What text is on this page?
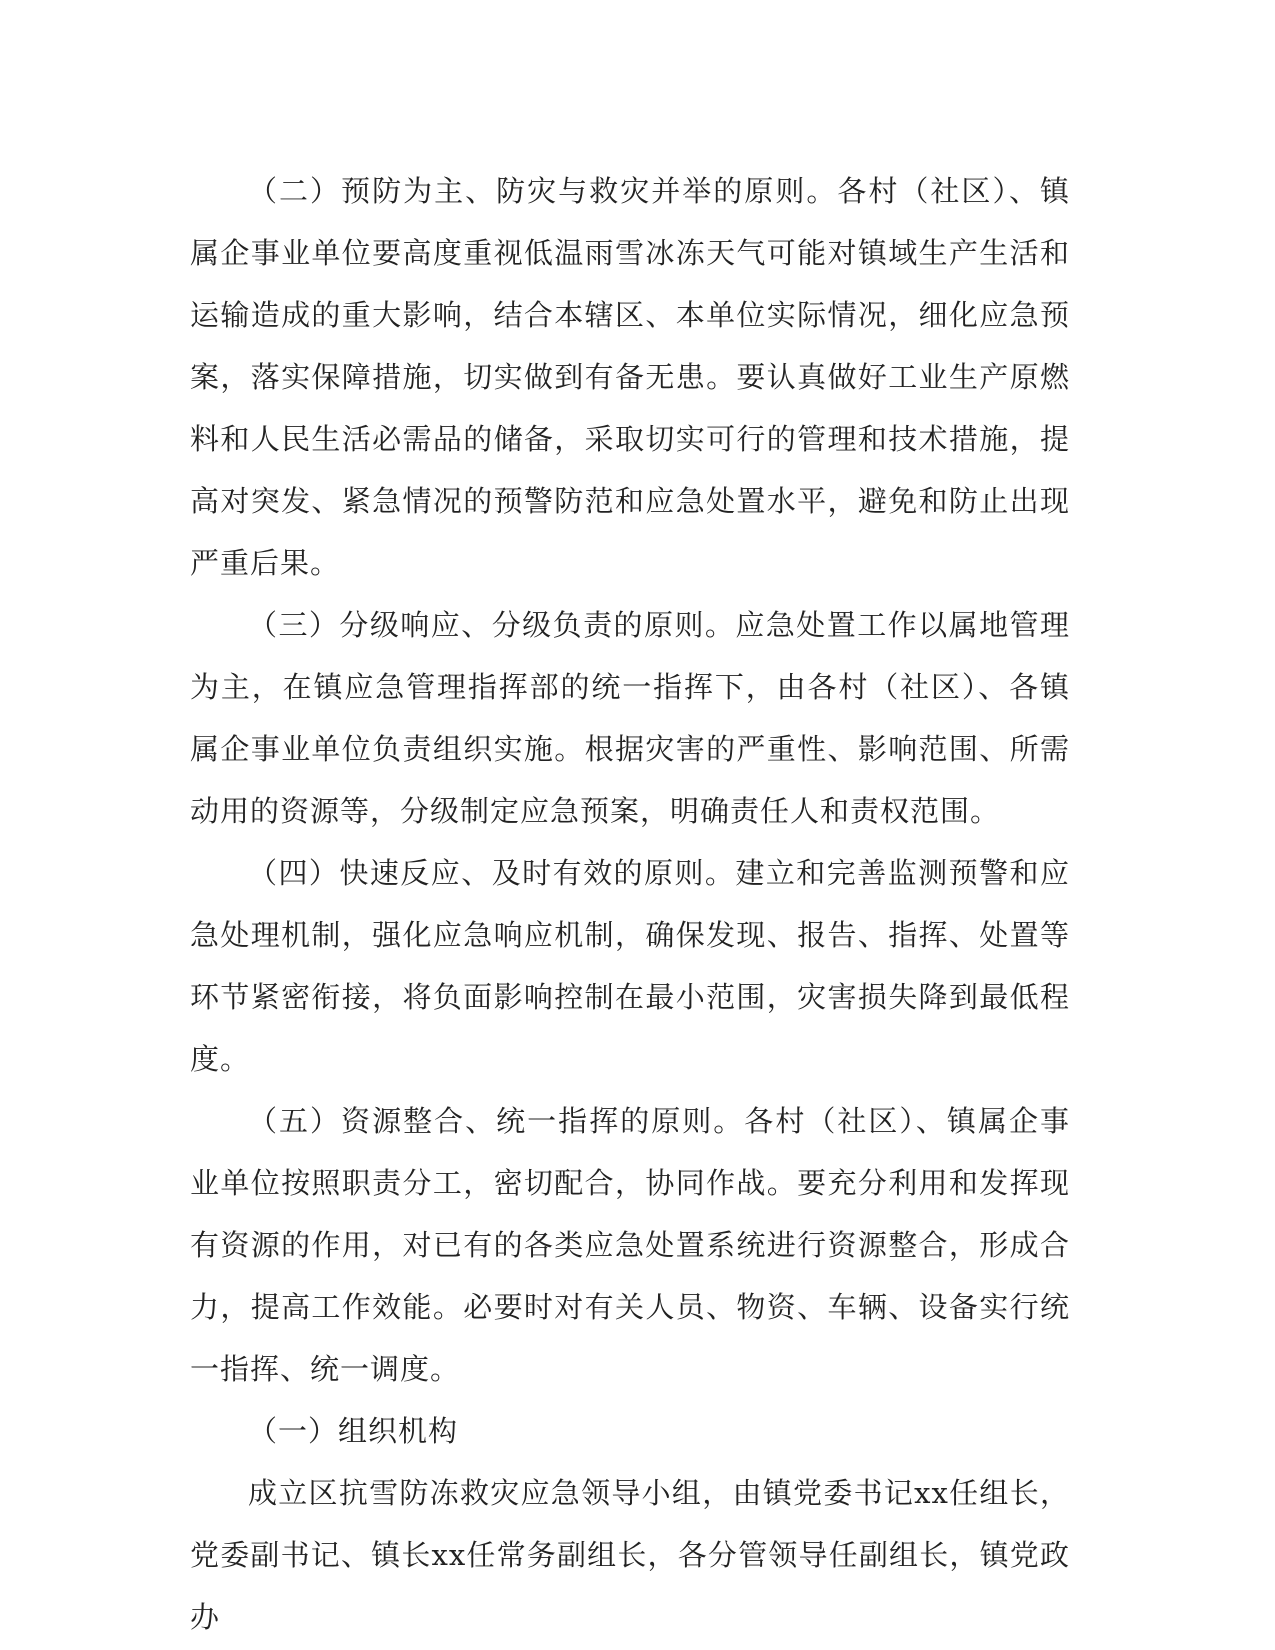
（二）预防为主、防灾与救灾并举的原则。各村（社区）、镇属企事业单位要高度重视低温雨雪冰冻天气可能对镇域生产生活和运输造成的重大影响，结合本辖区、本单位实际情况，细化应急预案，落实保障措施，切实做到有备无患。要认真做好工业生产原燃料和人民生活必需品的储备，采取切实可行的管理和技术措施，提高对突发、紧急情况的预警防范和应急处置水平，避免和防止出现严重后果。

（三）分级响应、分级负责的原则。应急处置工作以属地管理为主，在镇应急管理指挥部的统一指挥下，由各村（社区）、各镇属企事业单位负责组织实施。根据灾害的严重性、影响范围、所需动用的资源等，分级制定应急预案，明确责任人和责权范围。

（四）快速反应、及时有效的原则。建立和完善监测预警和应急处理机制，强化应急响应机制，确保发现、报告、指挥、处置等环节紧密衔接，将负面影响控制在最小范围，灾害损失降到最低程度。

（五）资源整合、统一指挥的原则。各村（社区）、镇属企事业单位按照职责分工，密切配合，协同作战。要充分利用和发挥现有资源的作用，对已有的各类应急处置系统进行资源整合，形成合力，提高工作效能。必要时对有关人员、物资、车辆、设备实行统一指挥、统一调度。

（一）组织机构

成立区抗雪防冻救灾应急领导小组，由镇党委书记xx任组长，党委副书记、镇长xx任常务副组长，各分管领导任副组长，镇党政办
